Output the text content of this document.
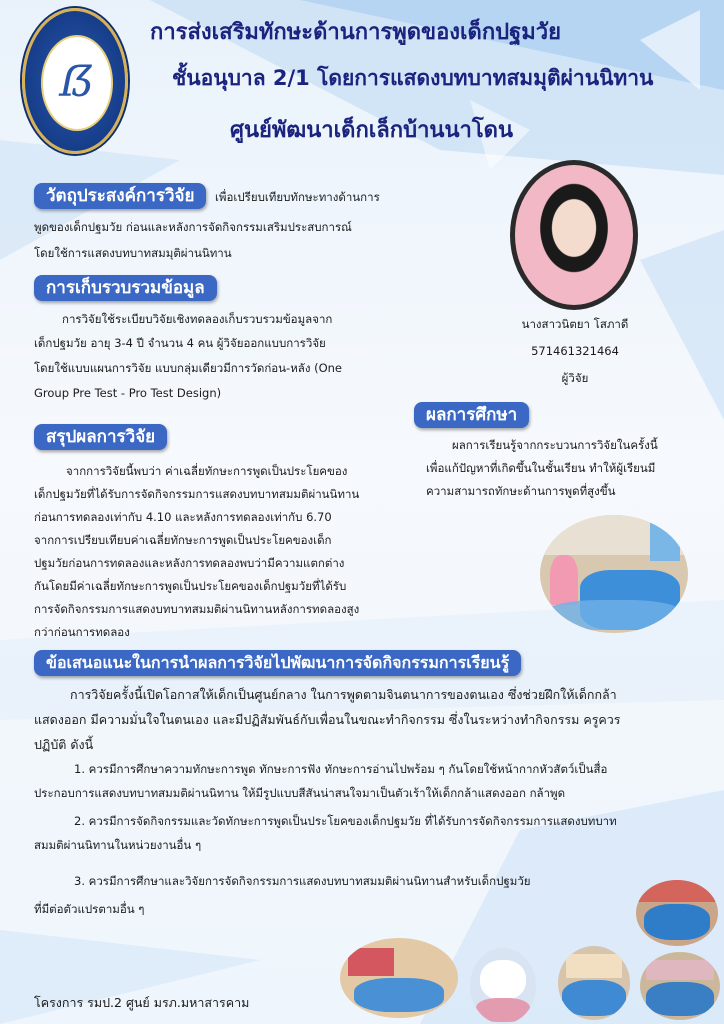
ẞ
การส่งเสริมทักษะด้านการพูดของเด็กปฐมวัย
ชั้นอนุบาล 2/1 โดยการแสดงบทบาทสมมุติผ่านนิทาน
ศูนย์พัฒนาเด็กเล็กบ้านนาโดน
วัตถุประสงค์การวิจัย	เพื่อเปรียบเทียบทักษะทางด้านการ
พูดของเด็กปฐมวัย ก่อนและหลังการจัดกิจกรรมเสริมประสบการณ์
โดยใช้การแสดงบทบาทสมมุติผ่านนิทาน
การเก็บรวบรวมข้อมูล
การวิจัยใช้ระเบียบวิจัยเชิงทดลองเก็บรวบรวมข้อมูลจาก
เด็กปฐมวัย อายุ 3-4 ปี จำนวน 4 คน ผู้วิจัยออกแบบการวิจัย
โดยใช้แบบแผนการวิจัย แบบกลุ่มเดียวมีการวัดก่อน-หลัง (One
Group Pre Test - Pro Test Design)
นางสาวนิตยา โสภาดี
571461321464
ผู้วิจัย
ผลการศึกษา
ผลการเรียนรู้จากกระบวนการวิจัยในครั้งนี้
เพื่อแก้ปัญหาที่เกิดขึ้นในชั้นเรียน ทำให้ผู้เรียนมี
ความสามารถทักษะด้านการพูดที่สูงขึ้น
สรุปผลการวิจัย
จากการวิจัยนี้พบว่า ค่าเฉลี่ยทักษะการพูดเป็นประโยคของ
เด็กปฐมวัยที่ได้รับการจัดกิจกรรมการแสดงบทบาทสมมติผ่านนิทาน
ก่อนการทดลองเท่ากับ 4.10 และหลังการทดลองเท่ากับ 6.70
จากการเปรียบเทียบค่าเฉลี่ยทักษะการพูดเป็นประโยคของเด็ก
ปฐมวัยก่อนการทดลองและหลังการทดลองพบว่ามีความแตกต่าง
กันโดยมีค่าเฉลี่ยทักษะการพูดเป็นประโยคของเด็กปฐมวัยที่ได้รับ
การจัดกิจกรรมการแสดงบทบาทสมมติผ่านนิทานหลังการทดลองสูง
กว่าก่อนการทดลอง
ข้อเสนอแนะในการนำผลการวิจัยไปพัฒนาการจัดกิจกรรมการเรียนรู้
การวิจัยครั้งนี้เปิดโอกาสให้เด็กเป็นศูนย์กลาง ในการพูดตามจินตนาการของตนเอง ซึ่งช่วยฝึกให้เด็กกล้า
แสดงออก มีความมั่นใจในตนเอง และมีปฏิสัมพันธ์กับเพื่อนในขณะทำกิจกรรม ซึ่งในระหว่างทำกิจกรรม ครูควร
ปฏิบัติ ดังนี้
1. ควรมีการศึกษาความทักษะการพูด ทักษะการฟัง ทักษะการอ่านไปพร้อม ๆ กันโดยใช้หน้ากากหัวสัตว์เป็นสื่อ
ประกอบการแสดงบทบาทสมมติผ่านนิทาน ให้มีรูปแบบสีสันน่าสนใจมาเป็นตัวเร้าให้เด็กกล้าแสดงออก กล้าพูด
2. ควรมีการจัดกิจกรรมและวัดทักษะการพูดเป็นประโยคของเด็กปฐมวัย ที่ได้รับการจัดกิจกรรมการแสดงบทบาท
สมมติผ่านนิทานในหน่วยงานอื่น ๆ
3. ควรมีการศึกษาและวิจัยการจัดกิจกรรมการแสดงบทบาทสมมติผ่านนิทานสำหรับเด็กปฐมวัย
ที่มีต่อตัวแปรตามอื่น ๆ
โครงการ รมป.2 ศูนย์ มรภ.มหาสารคาม
